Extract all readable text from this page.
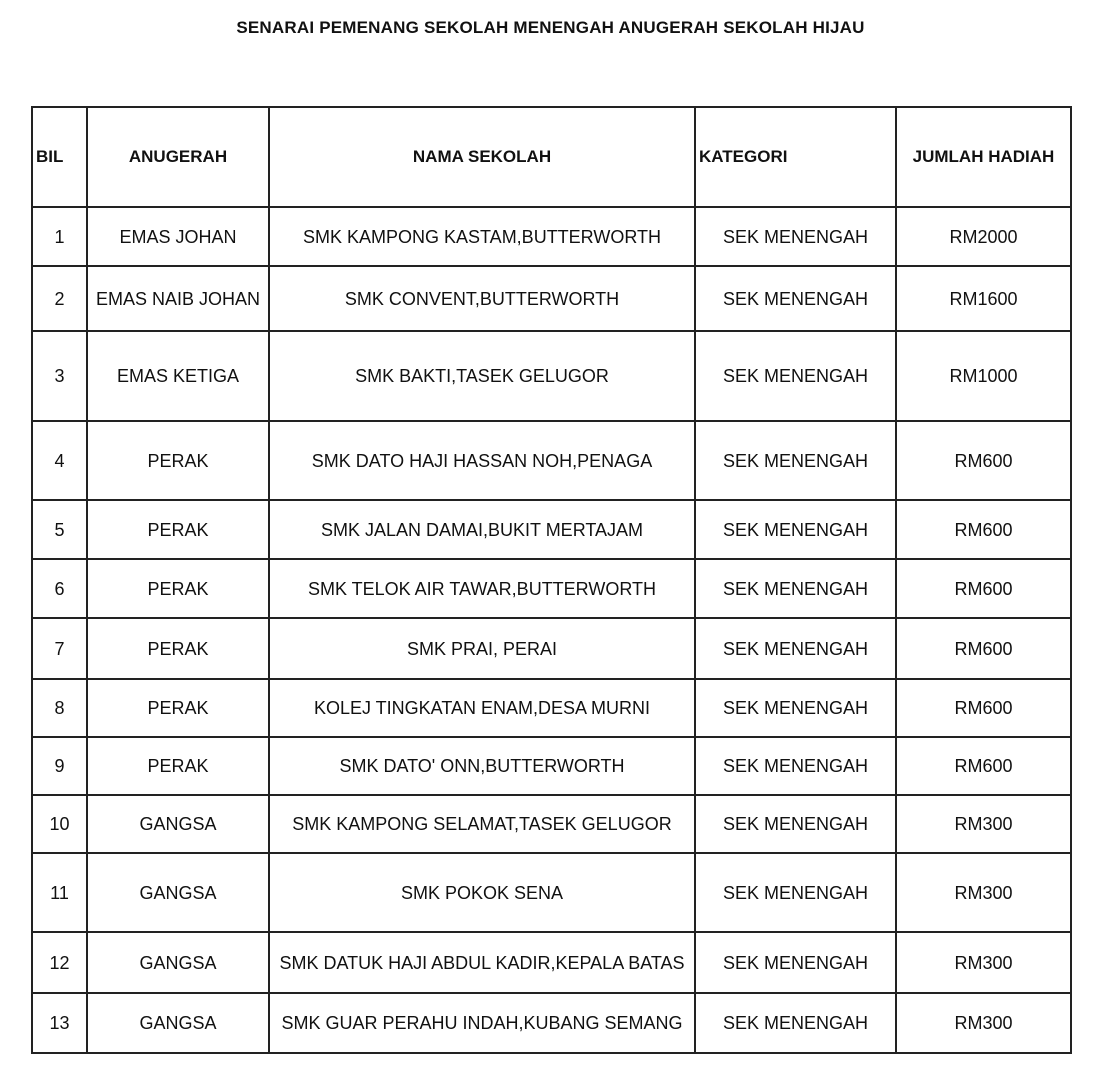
SENARAI PEMENANG SEKOLAH MENENGAH ANUGERAH SEKOLAH HIJAU
BIL	ANUGERAH	NAMA SEKOLAH	KATEGORI	JUMLAH HADIAH
1	EMAS JOHAN	SMK KAMPONG KASTAM,BUTTERWORTH	SEK MENENGAH	RM2000
2	EMAS NAIB JOHAN	SMK CONVENT,BUTTERWORTH	SEK MENENGAH	RM1600
3	EMAS KETIGA	SMK BAKTI,TASEK GELUGOR	SEK MENENGAH	RM1000
4	PERAK	SMK DATO HAJI HASSAN NOH,PENAGA	SEK MENENGAH	RM600
5	PERAK	SMK JALAN DAMAI,BUKIT MERTAJAM	SEK MENENGAH	RM600
6	PERAK	SMK TELOK AIR TAWAR,BUTTERWORTH	SEK MENENGAH	RM600
7	PERAK	SMK PRAI, PERAI	SEK MENENGAH	RM600
8	PERAK	KOLEJ TINGKATAN ENAM,DESA MURNI	SEK MENENGAH	RM600
9	PERAK	SMK DATO' ONN,BUTTERWORTH	SEK MENENGAH	RM600
10	GANGSA	SMK KAMPONG SELAMAT,TASEK GELUGOR	SEK MENENGAH	RM300
11	GANGSA	SMK POKOK SENA	SEK MENENGAH	RM300
12	GANGSA	SMK DATUK HAJI ABDUL KADIR,KEPALA BATAS	SEK MENENGAH	RM300
13	GANGSA	SMK GUAR PERAHU INDAH,KUBANG SEMANG	SEK MENENGAH	RM300
